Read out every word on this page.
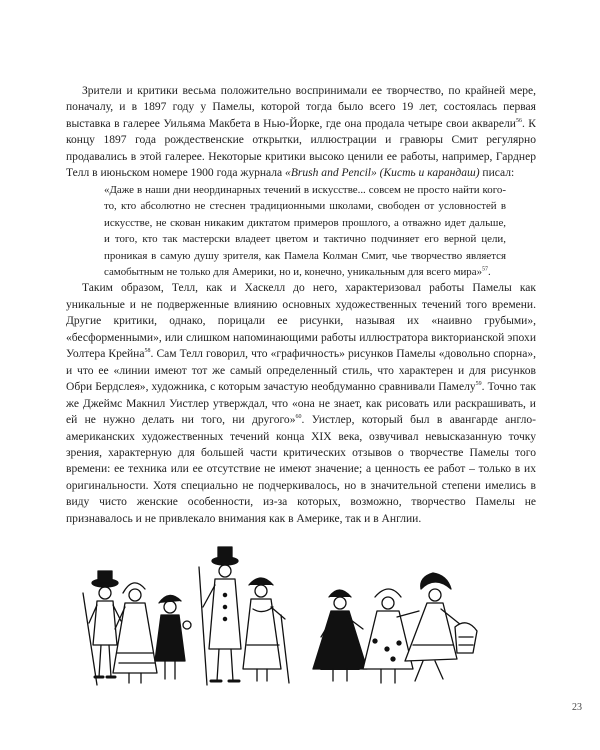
Зрители и критики весьма положительно воспринимали ее творчество, по крайней мере, поначалу, и в 1897 году у Памелы, которой тогда было всего 19 лет, состоялась первая выставка в галерее Уильяма Макбета в Нью-Йорке, где она продала четыре свои акварели$^{56}$. К концу 1897 года рождественские открытки, иллюстрации и гравюры Смит регулярно продавались в этой галерее. Некоторые критики высоко ценили ее работы, например, Гарднер Телл в июньском номере 1900 года журнала «Brush and Pencil» (Кисть и карандаш) писал:

«Даже в наши дни неординарных течений в искусстве... совсем не просто найти кого-то, кто абсолютно не стеснен традиционными школами, свободен от условностей в искусстве, не скован никаким диктатом примеров прошлого, а отважно идет дальше, и того, кто так мастерски владеет цветом и тактично подчиняет его верной цели, проникая в самую душу зрителя, как Памела Колман Смит, чье творчество является самобытным не только для Америки, но и, конечно, уникальным для всего мира»$^{57}$.

Таким образом, Телл, как и Хаскелл до него, характеризовал работы Памелы как уникальные и не подверженные влиянию основных художественных течений того времени. Другие критики, однако, порицали ее рисунки, называя их «наивно грубыми», «бесформенными», или слишком напоминающими работы иллюстратора викторианской эпохи Уолтера Крейна$^{58}$. Сам Телл говорил, что «графичность» рисунков Памелы «довольно спорна», и что ее «линии имеют тот же самый определенный стиль, что характерен и для рисунков Обри Бердслея», художника, с которым зачастую необдуманно сравнивали Памелу$^{59}$. Точно так же Джеймс Макнил Уистлер утверждал, что «она не знает, как рисовать или раскрашивать, и ей не нужно делать ни того, ни другого»$^{60}$. Уистлер, который был в авангарде англо-американских художественных течений конца XIX века, озвучивал невысказанную точку зрения, характерную для большей части критических отзывов о творчестве Памелы того времени: ее техника или ее отсутствие не имеют значение; а ценность ее работ – только в их оригинальности. Хотя специально не подчеркивалось, но в значительной степени имелись в виду чисто женские особенности, из-за которых, возможно, творчество Памелы не признавалось и не привлекало внимания как в Америке, так и в Англии.

23
